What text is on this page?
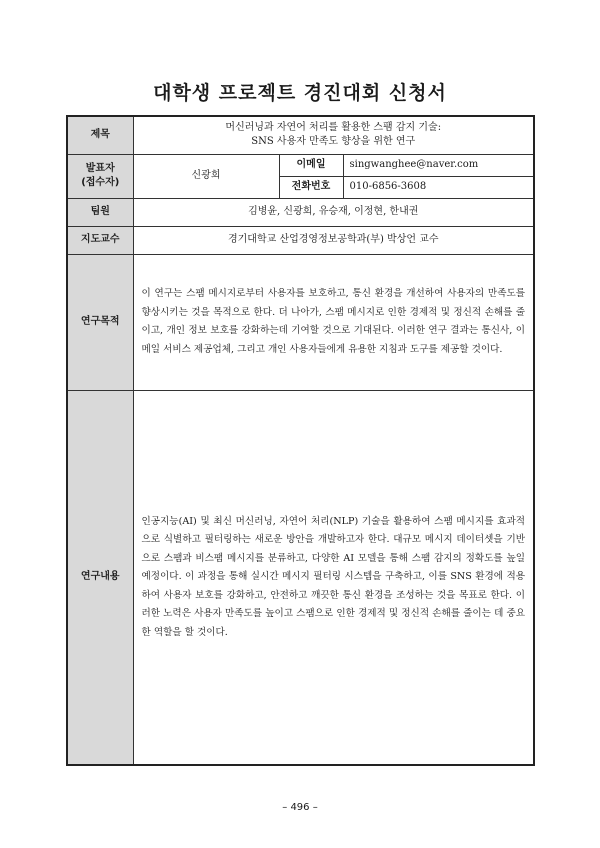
대학생 프로젝트 경진대회 신청서
제목	머신러닝과 자연어 처리를 활용한 스팸 감지 기술:
SNS 사용자 만족도 향상을 위한 연구		

발표자
(접수자)	신광희	이메일	singwanghee@naver.com
		전화번호	010-6856-3608
팀원	김병윤, 신광희, 유승재, 이정현, 한내권		
지도교수	경기대학교 산업경영정보공학과(부) 박상언 교수		
연구목적	이 연구는 스팸 메시지로부터 사용자를 보호하고, 통신 환경을 개선하여 사용자의 만족도를 향상시키는 것을 목적으로 한다. 더 나아가, 스팸 메시지로 인한 경제적 및 정신적 손해를 줄이고, 개인 정보 보호를 강화하는데 기여할 것으로 기대된다. 이러한 연구 결과는 통신사, 이메일 서비스 제공업체, 그리고 개인 사용자들에게 유용한 지침과 도구를 제공할 것이다.		

연구내용	인공지능(AI) 및 최신 머신러닝, 자연어 처리(NLP) 기술을 활용하여 스팸 메시지를 효과적으로 식별하고 필터링하는 새로운 방안을 개발하고자 한다. 대규모 메시지 데이터셋을 기반으로 스팸과 비스팸 메시지를 분류하고, 다양한 AI 모델을 통해 스팸 감지의 정확도를 높일 예정이다. 이 과정을 통해 실시간 메시지 필터링 시스템을 구축하고, 이를 SNS 환경에 적용하여 사용자 보호를 강화하고, 안전하고 깨끗한 통신 환경을 조성하는 것을 목표로 한다. 이러한 노력은 사용자 만족도를 높이고 스팸으로 인한 경제적 및 정신적 손해를 줄이는 데 중요한 역할을 할 것이다.		
– 496 –
